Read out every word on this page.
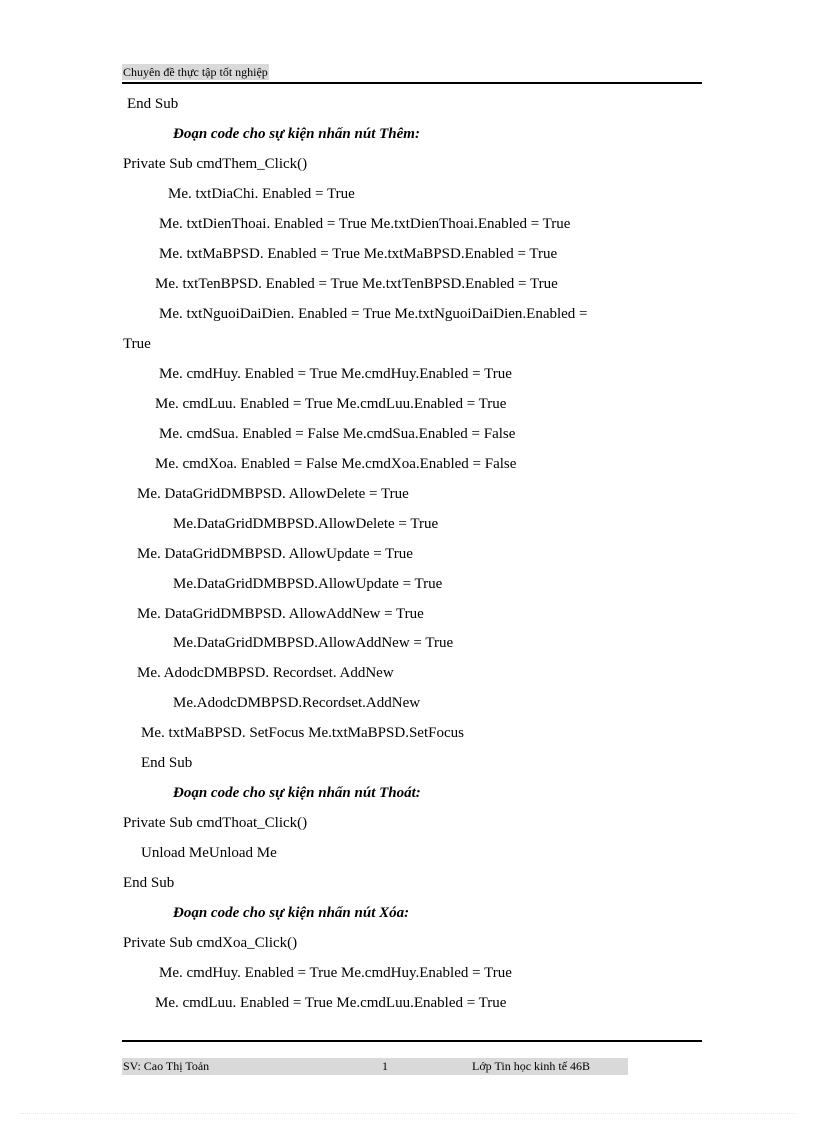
Chuyên đề thực tập tốt nghiệp
End Sub
Đoạn code cho sự kiện nhấn nút Thêm:
Private Sub cmdThem_Click()
Me. txtDiaChi. Enabled = True
Me. txtDienThoai. Enabled = True Me.txtDienThoai.Enabled = True
Me. txtMaBPSD. Enabled = True Me.txtMaBPSD.Enabled = True
Me. txtTenBPSD. Enabled = True Me.txtTenBPSD.Enabled = True
Me. txtNguoiDaiDien. Enabled = True Me.txtNguoiDaiDien.Enabled =
True
Me. cmdHuy. Enabled = True Me.cmdHuy.Enabled = True
Me. cmdLuu. Enabled = True Me.cmdLuu.Enabled = True
Me. cmdSua. Enabled = False Me.cmdSua.Enabled = False
Me. cmdXoa. Enabled = False Me.cmdXoa.Enabled = False
Me. DataGridDMBPSD. AllowDelete = True
Me.DataGridDMBPSD.AllowDelete = True
Me. DataGridDMBPSD. AllowUpdate = True
Me.DataGridDMBPSD.AllowUpdate = True
Me. DataGridDMBPSD. AllowAddNew = True
Me.DataGridDMBPSD.AllowAddNew = True
Me. AdodcDMBPSD. Recordset. AddNew
Me.AdodcDMBPSD.Recordset.AddNew
Me. txtMaBPSD. SetFocus Me.txtMaBPSD.SetFocus
End Sub
Đoạn code cho sự kiện nhấn nút Thoát:
Private Sub cmdThoat_Click()
Unload MeUnload Me
End Sub
Đoạn code cho sự kiện nhấn nút Xóa:
Private Sub cmdXoa_Click()
Me. cmdHuy. Enabled = True Me.cmdHuy.Enabled = True
Me. cmdLuu. Enabled = True Me.cmdLuu.Enabled = True
SV: Cao Thị Toản	1	Lớp Tin học kinh tế 46B
